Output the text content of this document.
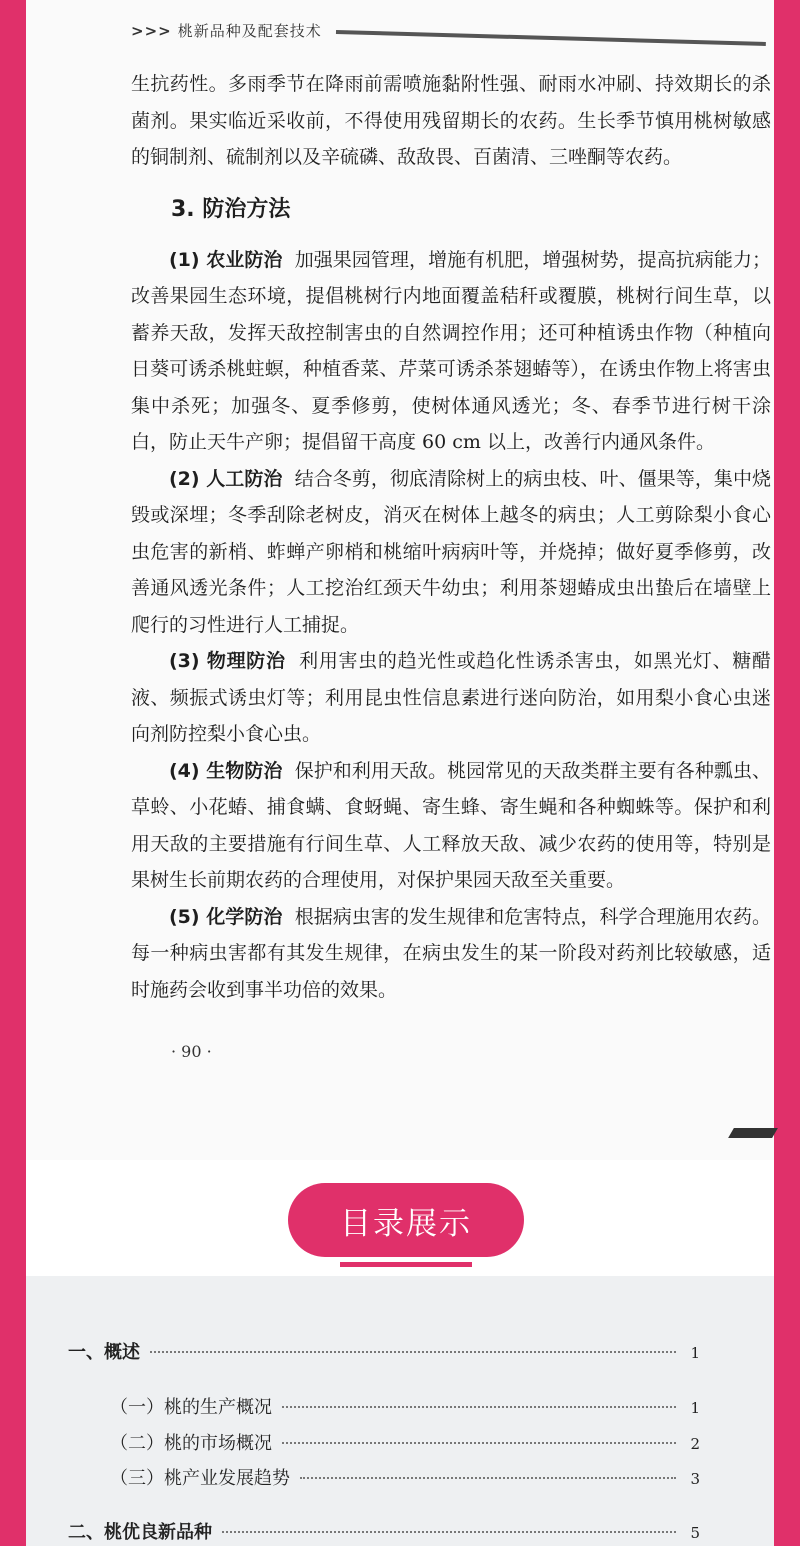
>>> 桃新品种及配套技术

生抗药性。多雨季节在降雨前需喷施黏附性强、耐雨水冲刷、持效期长的杀菌剂。果实临近采收前，不得使用残留期长的农药。生长季节慎用桃树敏感的铜制剂、硫制剂以及辛硫磷、敌敌畏、百菌清、三唑酮等农药。

3. 防治方法

(1) 农业防治 加强果园管理，增施有机肥，增强树势，提高抗病能力；改善果园生态环境，提倡桃树行内地面覆盖秸秆或覆膜，桃树行间生草，以蓄养天敌，发挥天敌控制害虫的自然调控作用；还可种植诱虫作物（种植向日葵可诱杀桃蛀螟，种植香菜、芹菜可诱杀茶翅蝽等），在诱虫作物上将害虫集中杀死；加强冬、夏季修剪，使树体通风透光；冬、春季节进行树干涂白，防止天牛产卵；提倡留干高度 60 cm 以上，改善行内通风条件。

(2) 人工防治 结合冬剪，彻底清除树上的病虫枝、叶、僵果等，集中烧毁或深埋；冬季刮除老树皮，消灭在树体上越冬的病虫；人工剪除梨小食心虫危害的新梢、蚱蝉产卵梢和桃缩叶病病叶等，并烧掉；做好夏季修剪，改善通风透光条件；人工挖治红颈天牛幼虫；利用茶翅蝽成虫出蛰后在墙壁上爬行的习性进行人工捕捉。

(3) 物理防治 利用害虫的趋光性或趋化性诱杀害虫，如黑光灯、糖醋液、频振式诱虫灯等；利用昆虫性信息素进行迷向防治，如用梨小食心虫迷向剂防控梨小食心虫。

(4) 生物防治 保护和利用天敌。桃园常见的天敌类群主要有各种瓢虫、草蛉、小花蝽、捕食螨、食蚜蝇、寄生蜂、寄生蝇和各种蜘蛛等。保护和利用天敌的主要措施有行间生草、人工释放天敌、减少农药的使用等，特别是果树生长前期农药的合理使用，对保护果园天敌至关重要。

(5) 化学防治 根据病虫害的发生规律和危害特点，科学合理施用农药。每一种病虫害都有其发生规律，在病虫发生的某一阶段对药剂比较敏感，适时施药会收到事半功倍的效果。

· 90 ·
目录展示
一、概述	1
（一）桃的生产概况	1
（二）桃的市场概况	2
（三）桃产业发展趋势	3
二、桃优良新品种	5
